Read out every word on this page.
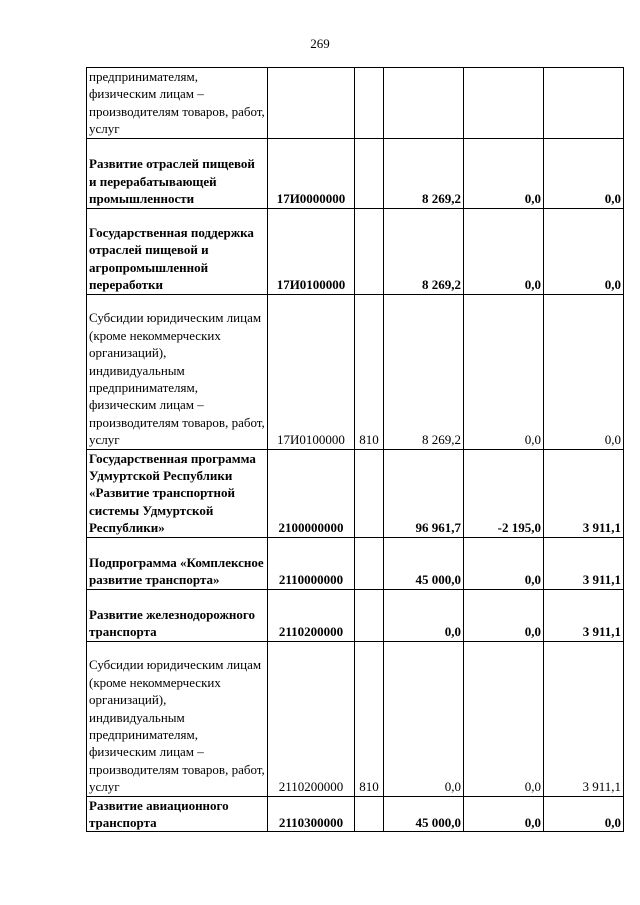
269
предпринимателям, физическим лицам – производителям товаров, работ, услуг					
Развитие отраслей пищевой и перерабатывающей промышленности	17И0000000		8 269,2	0,0	0,0
Государственная поддержка отраслей пищевой и агропромышленной переработки	17И0100000		8 269,2	0,0	0,0
Субсидии юридическим лицам (кроме некоммерческих организаций), индивидуальным предпринимателям, физическим лицам – производителям товаров, работ, услуг	17И0100000	810	8 269,2	0,0	0,0
Государственная программа Удмуртской Республики «Развитие транспортной системы Удмуртской Республики»	2100000000		96 961,7	-2 195,0	3 911,1
Подпрограмма «Комплексное развитие транспорта»	2110000000		45 000,0	0,0	3 911,1
Развитие железнодорожного транспорта	2110200000		0,0	0,0	3 911,1
Субсидии юридическим лицам (кроме некоммерческих организаций), индивидуальным предпринимателям, физическим лицам – производителям товаров, работ, услуг	2110200000	810	0,0	0,0	3 911,1
Развитие авиационного транспорта	2110300000		45 000,0	0,0	0,0
